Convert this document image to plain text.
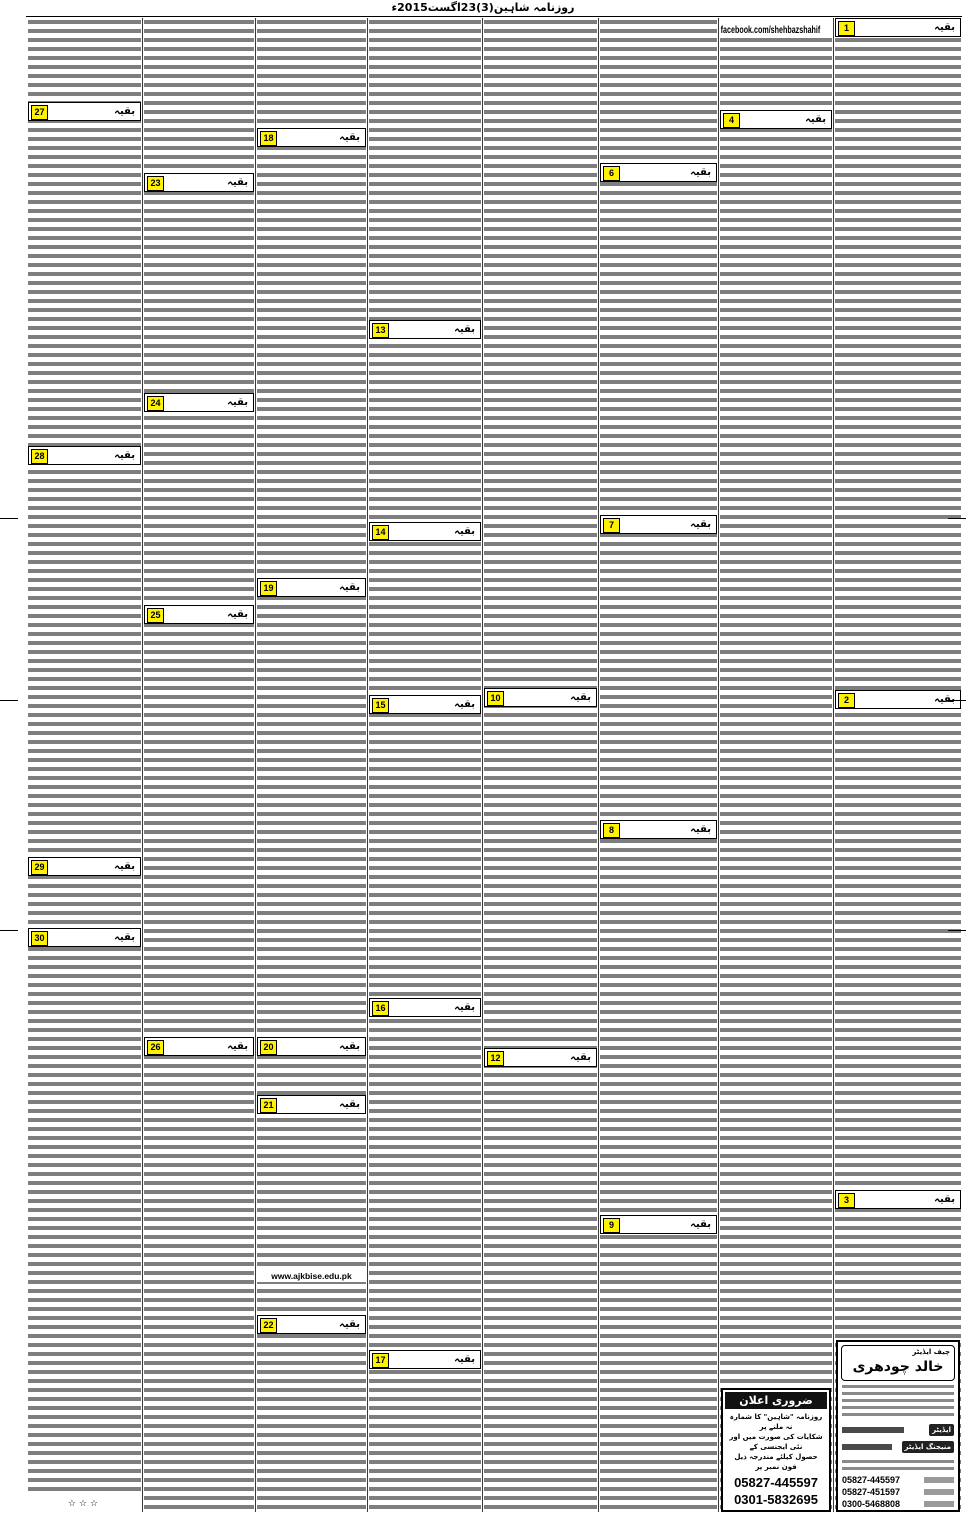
روزنامہ شاہین(3)23اگست2015ء
1	بقیہ
2	بقیہ
3	بقیہ
چیف ایڈیٹر
خالد چودھری
ایڈیٹر
منیجنگ ایڈیٹر
05827-445597
05827-451597
0300-5468808
facebook.com/shehbazshahif
4	بقیہ
ضروری اعلان
روزنامہ "شاہین" کا شمارہ نہ ملنے پر
شکایات کی صورت میں اور نئی ایجنسی کے
حصول کیلئے مندرجہ ذیل فون نمبر پر
05827-445597
0301-5832695
6	بقیہ
7	بقیہ
8	بقیہ
9	بقیہ
10	بقیہ
12	بقیہ
13	بقیہ
14	بقیہ
15	بقیہ
16	بقیہ
17	بقیہ
18	بقیہ
19	بقیہ
20	بقیہ
21	بقیہ
www.ajkbise.edu.pk
22	بقیہ
23	بقیہ
24	بقیہ
25	بقیہ
26	بقیہ
27	بقیہ
28	بقیہ
29	بقیہ
30	بقیہ
☆☆☆
